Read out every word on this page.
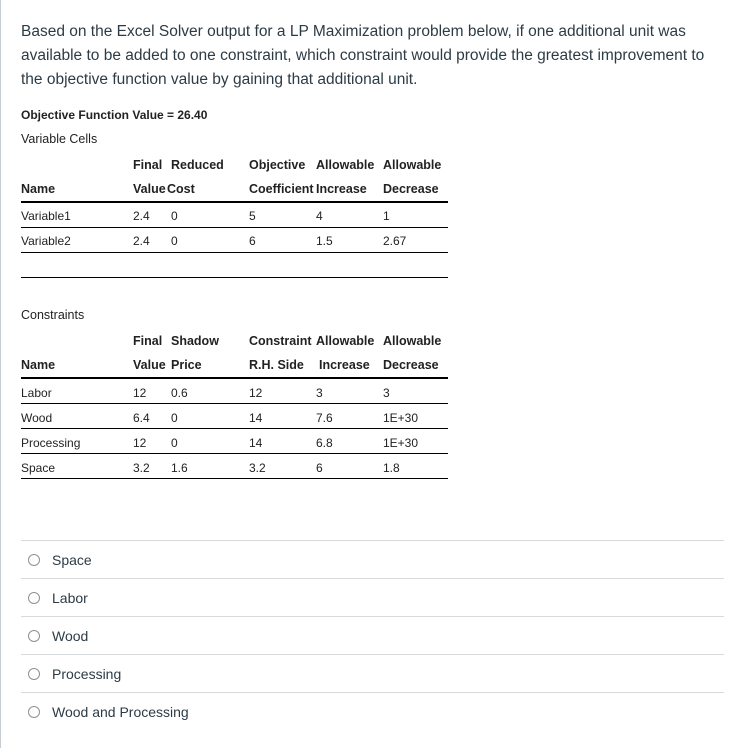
Based on the Excel Solver output for a LP Maximization problem below, if one additional unit was available to be added to one constraint, which constraint would provide the greatest improvement to the objective function value by gaining that additional unit.
Objective Function Value = 26.40
Variable Cells
Final Reduced Objective Allowable Allowable
Name	Value Cost	Coefficient Increase Decrease
Variable1	2.4 0	5	4	1
Variable2	2.4 0	6	1.5	2.67
Constraints
Final Shadow Constraint Allowable Allowable
Name	Value Price	R.H. Side Increase Decrease
Labor	12 0.6	12	3	3
Wood	6.4 0	14	7.6	1E+30
Processing	12 0	14	6.8	1E+30
Space	3.2 1.6	3.2	6	1.8
Space
Labor
Wood
Processing
Wood and Processing
